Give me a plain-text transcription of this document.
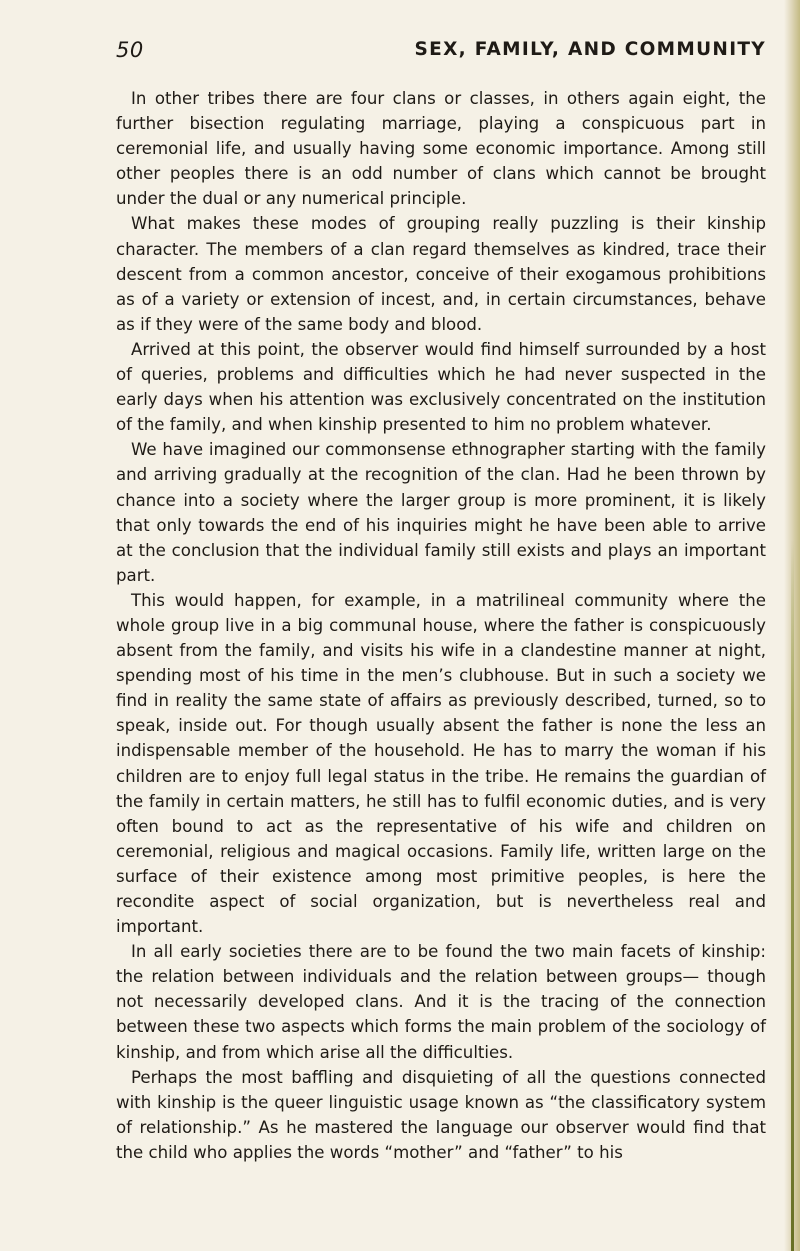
50	SEX, FAMILY, AND COMMUNITY

In other tribes there are four clans or classes, in others again eight, the further bisection regulating marriage, playing a conspicuous part in ceremonial life, and usually having some economic importance. Among still other peoples there is an odd number of clans which cannot be brought under the dual or any numerical principle.

What makes these modes of grouping really puzzling is their kinship character. The members of a clan regard themselves as kindred, trace their descent from a common ancestor, conceive of their exogamous prohibitions as of a variety or extension of incest, and, in certain circumstances, behave as if they were of the same body and blood.

Arrived at this point, the observer would find himself surrounded by a host of queries, problems and difficulties which he had never suspected in the early days when his attention was exclusively concentrated on the institution of the family, and when kinship presented to him no problem whatever.

We have imagined our commonsense ethnographer starting with the family and arriving gradually at the recognition of the clan. Had he been thrown by chance into a society where the larger group is more prominent, it is likely that only towards the end of his inquiries might he have been able to arrive at the conclusion that the individual family still exists and plays an important part.

This would happen, for example, in a matrilineal community where the whole group live in a big communal house, where the father is conspicuously absent from the family, and visits his wife in a clandestine manner at night, spending most of his time in the men’s clubhouse. But in such a society we find in reality the same state of affairs as previously described, turned, so to speak, inside out. For though usually absent the father is none the less an indispensable member of the household. He has to marry the woman if his children are to enjoy full legal status in the tribe. He remains the guardian of the family in certain matters, he still has to fulfil economic duties, and is very often bound to act as the representative of his wife and children on ceremonial, religious and magical occasions. Family life, written large on the surface of their existence among most primitive peoples, is here the recondite aspect of social organization, but is nevertheless real and important.

In all early societies there are to be found the two main facets of kinship: the relation between individuals and the relation between groups— though not necessarily developed clans. And it is the tracing of the connection between these two aspects which forms the main problem of the sociology of kinship, and from which arise all the difficulties.

Perhaps the most baffling and disquieting of all the questions connected with kinship is the queer linguistic usage known as “the classificatory system of relationship.” As he mastered the language our observer would find that the child who applies the words “mother” and “father” to his
